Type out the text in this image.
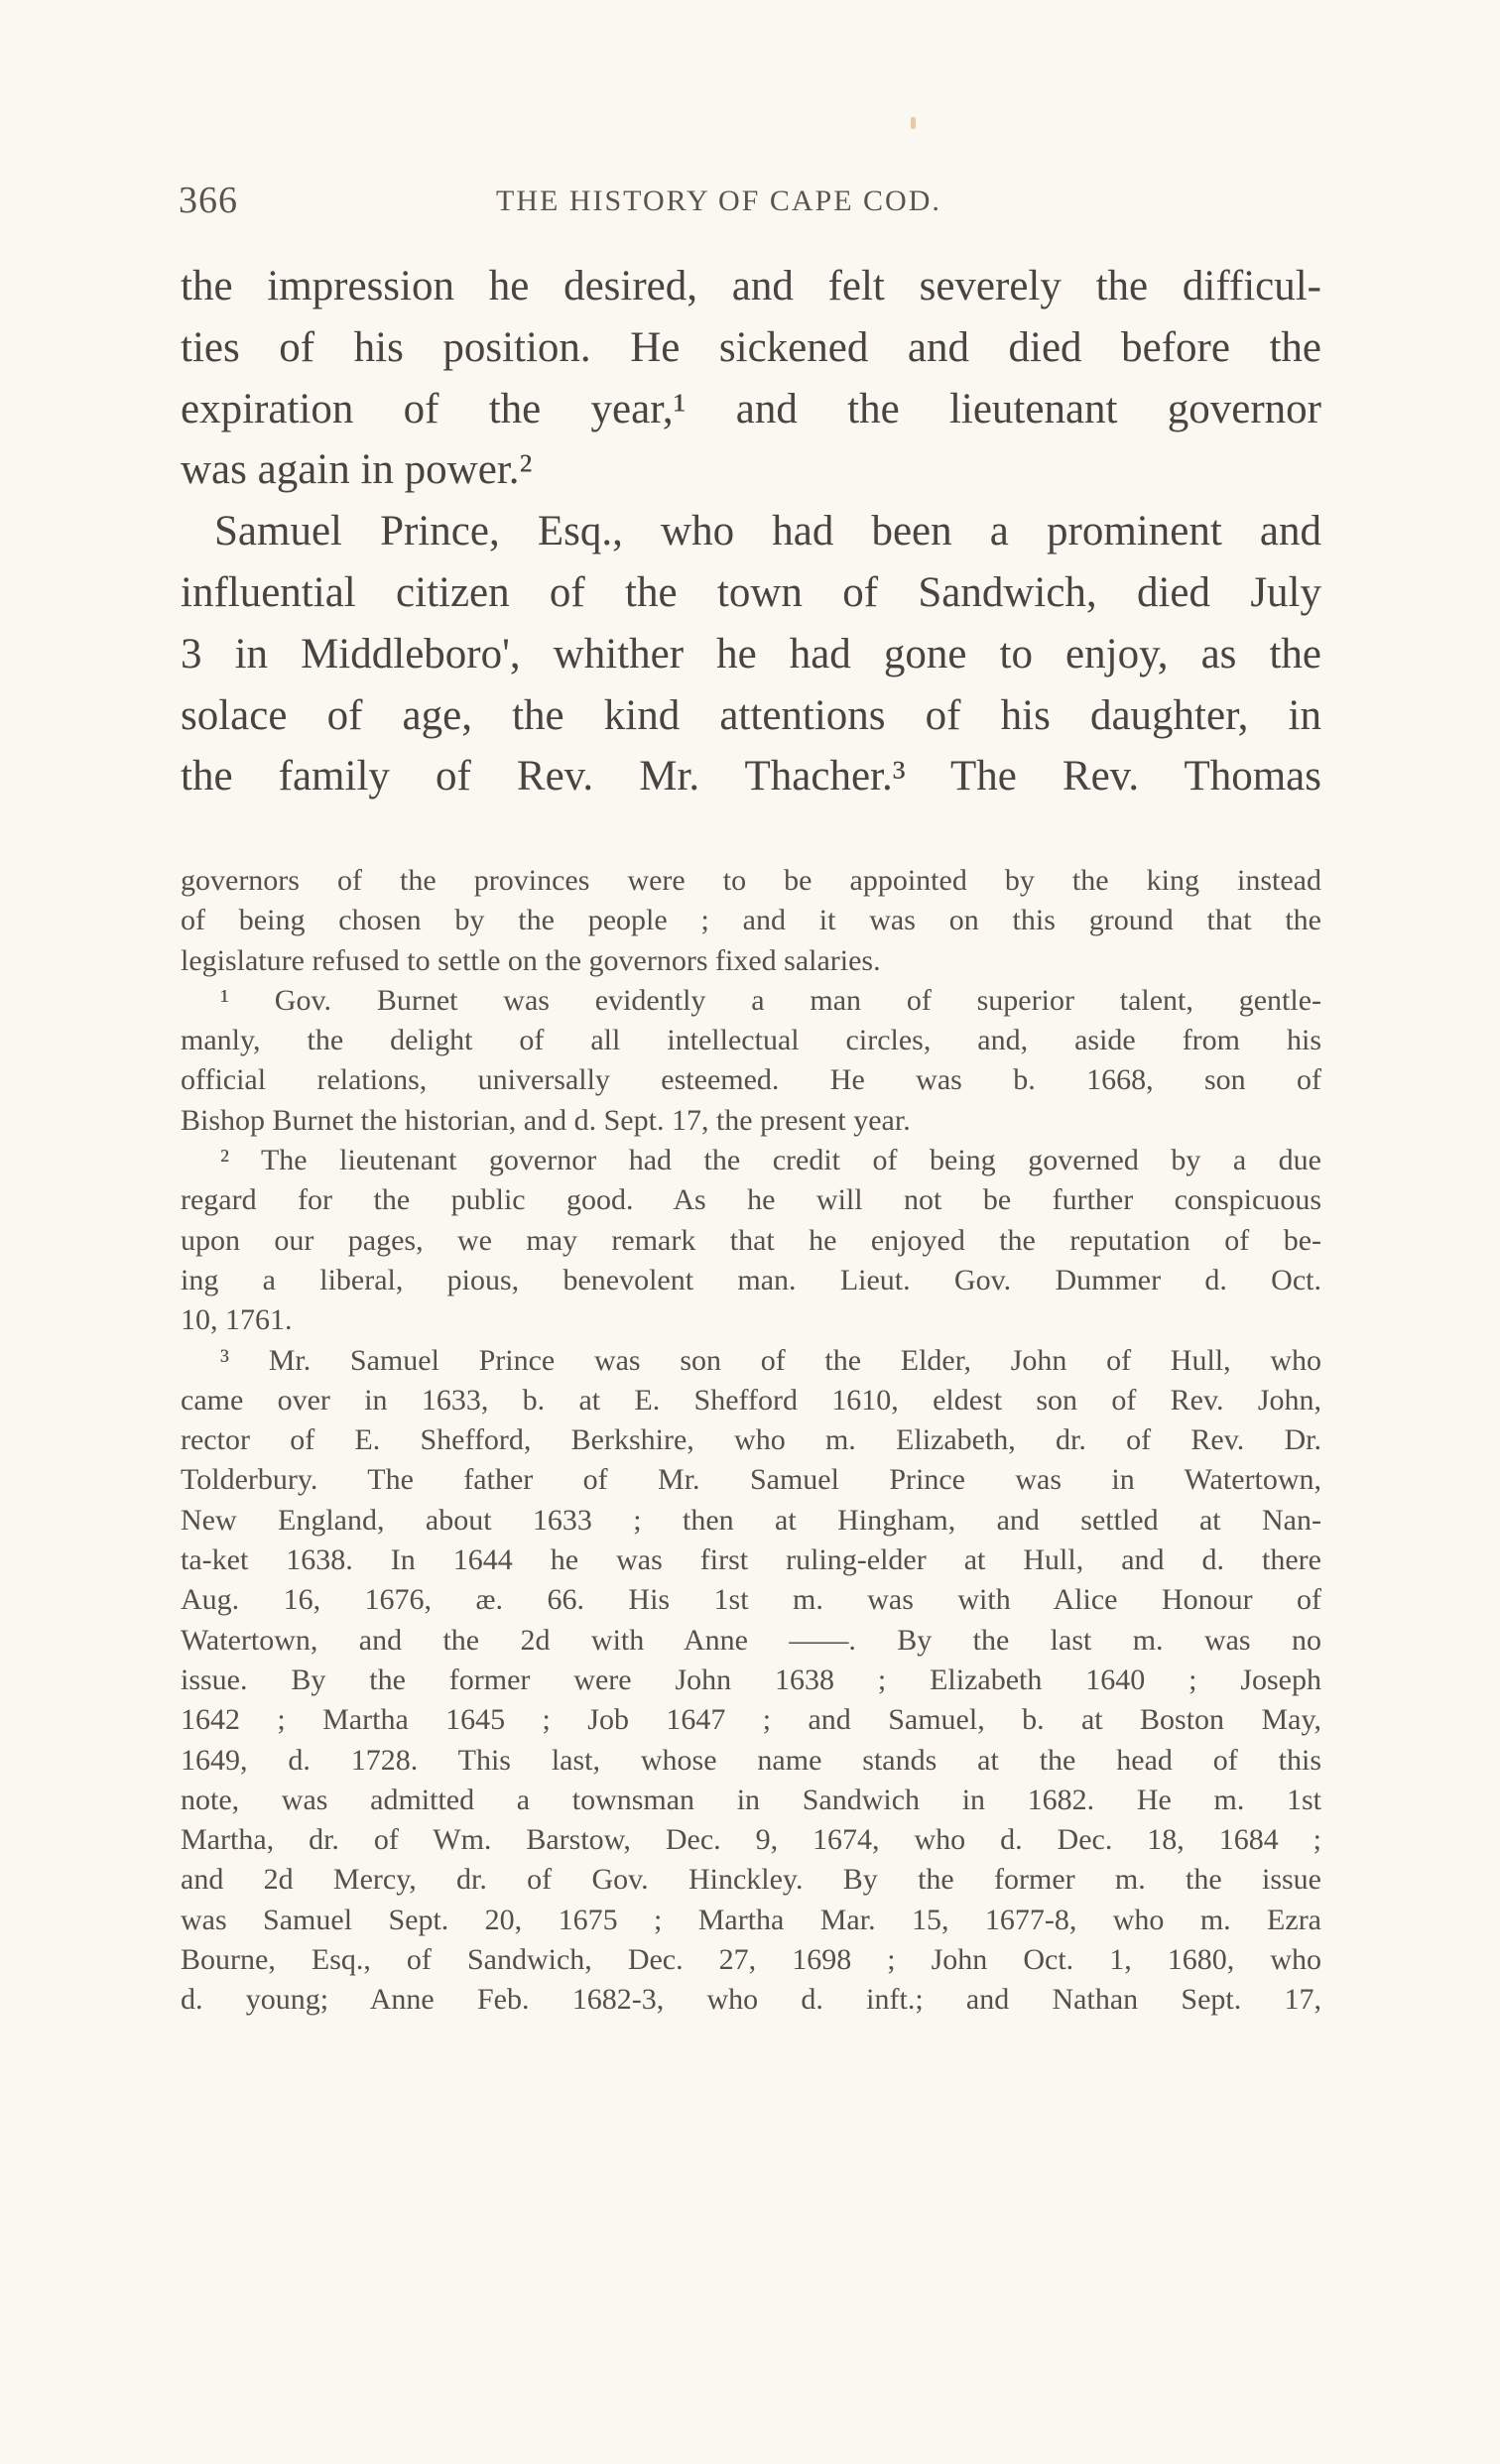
366	THE HISTORY OF CAPE COD.
the impression he desired, and felt severely the difficul-
ties of his position. He sickened and died before the
expiration of the year,¹ and the lieutenant governor
was again in power.²
Samuel Prince, Esq., who had been a prominent and
influential citizen of the town of Sandwich, died July
3 in Middleboro', whither he had gone to enjoy, as the
solace of age, the kind attentions of his daughter, in
the family of Rev. Mr. Thacher.³ The Rev. Thomas
governors of the provinces were to be appointed by the king instead
of being chosen by the people ; and it was on this ground that the
legislature refused to settle on the governors fixed salaries.
¹ Gov. Burnet was evidently a man of superior talent, gentle-
manly, the delight of all intellectual circles, and, aside from his
official relations, universally esteemed. He was b. 1668, son of
Bishop Burnet the historian, and d. Sept. 17, the present year.
² The lieutenant governor had the credit of being governed by a due
regard for the public good. As he will not be further conspicuous
upon our pages, we may remark that he enjoyed the reputation of be-
ing a liberal, pious, benevolent man. Lieut. Gov. Dummer d. Oct.
10, 1761.
³ Mr. Samuel Prince was son of the Elder, John of Hull, who
came over in 1633, b. at E. Shefford 1610, eldest son of Rev. John,
rector of E. Shefford, Berkshire, who m. Elizabeth, dr. of Rev. Dr.
Tolderbury. The father of Mr. Samuel Prince was in Watertown,
New England, about 1633 ; then at Hingham, and settled at Nan-
ta-ket 1638. In 1644 he was first ruling-elder at Hull, and d. there
Aug. 16, 1676, æ. 66. His 1st m. was with Alice Honour of
Watertown, and the 2d with Anne ——. By the last m. was no
issue. By the former were John 1638 ; Elizabeth 1640 ; Joseph
1642 ; Martha 1645 ; Job 1647 ; and Samuel, b. at Boston May,
1649, d. 1728. This last, whose name stands at the head of this
note, was admitted a townsman in Sandwich in 1682. He m. 1st
Martha, dr. of Wm. Barstow, Dec. 9, 1674, who d. Dec. 18, 1684 ;
and 2d Mercy, dr. of Gov. Hinckley. By the former m. the issue
was Samuel Sept. 20, 1675 ; Martha Mar. 15, 1677-8, who m. Ezra
Bourne, Esq., of Sandwich, Dec. 27, 1698 ; John Oct. 1, 1680, who
d. young; Anne Feb. 1682-3, who d. inft.; and Nathan Sept. 17,
